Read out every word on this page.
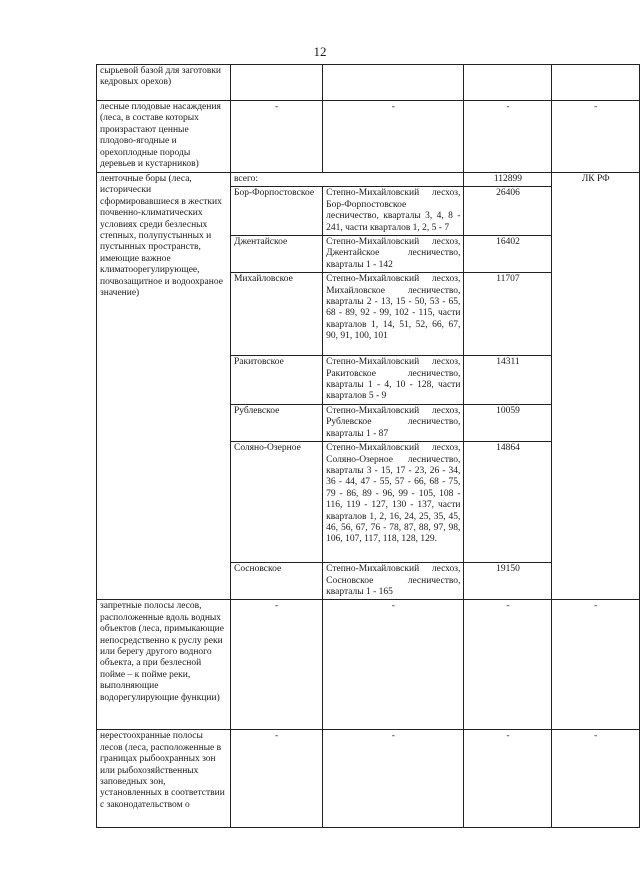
12
сырьевой базой для заготовки кедровых орехов)				
лесные плодовые насаждения (леса, в составе которых произрастают ценные плодово-ягодные и орехоплодные породы деревьев и кустарников)	-	-	-	-
ленточные боры (леса, исторически сформировавшиеся в жестких почвенно-климатических условиях среди безлесных степных, полупустынных и пустынных пространств, имеющие важное климатоорегулирующее, почвозащитное и водоохраное значение)	всего:		112899	ЛК РФ
	Бор-Форпостовское	Степно-Михайловский лесхоз, Бор-Форпостовское лесничество, кварталы 3, 4, 8 - 241, части кварталов 1, 2, 5 - 7	26406	
	Джентайское	Степно-Михайловский лесхоз, Джентайское лесничество, кварталы 1 - 142	16402	
	Михайловское	Степно-Михайловский лесхоз, Михайловское лесничество, кварталы 2 - 13, 15 - 50, 53 - 65, 68 - 89, 92 - 99, 102 - 115, части кварталов 1, 14, 51, 52, 66, 67, 90, 91, 100, 101	11707	
	Ракитовское	Степно-Михайловский лесхоз, Ракитовское лесничество, кварталы 1 - 4, 10 - 128, части кварталов 5 - 9	14311	
	Рублевское	Степно-Михайловский лесхоз, Рублевское лесничество, кварталы 1 - 87	10059	
	Соляно-Озерное	Степно-Михайловский лесхоз, Соляно-Озерное лесничество, кварталы 3 - 15, 17 - 23, 26 - 34, 36 - 44, 47 - 55, 57 - 66, 68 - 75, 79 - 86, 89 - 96, 99 - 105, 108 - 116, 119 - 127, 130 - 137, части кварталов 1, 2, 16, 24, 25, 35, 45, 46, 56, 67, 76 - 78, 87, 88, 97, 98, 106, 107, 117, 118, 128, 129.	14864	
	Сосновское	Степно-Михайловский лесхоз, Сосновское лесничество, кварталы 1 - 165	19150	
запретные полосы лесов, расположенные вдоль водных объектов (леса, примыкающие непосредственно к руслу реки или берегу другого водного объекта, а при безлесной пойме – к пойме реки, выполняющие водорегулирующие функции)	-	-	-	-
нерестоохранные полосы лесов (леса, расположенные в границах рыбоохранных зон или рыбохозяйственных заповедных зон, установленных в соответствии с законодательством о	-	-	-	-
